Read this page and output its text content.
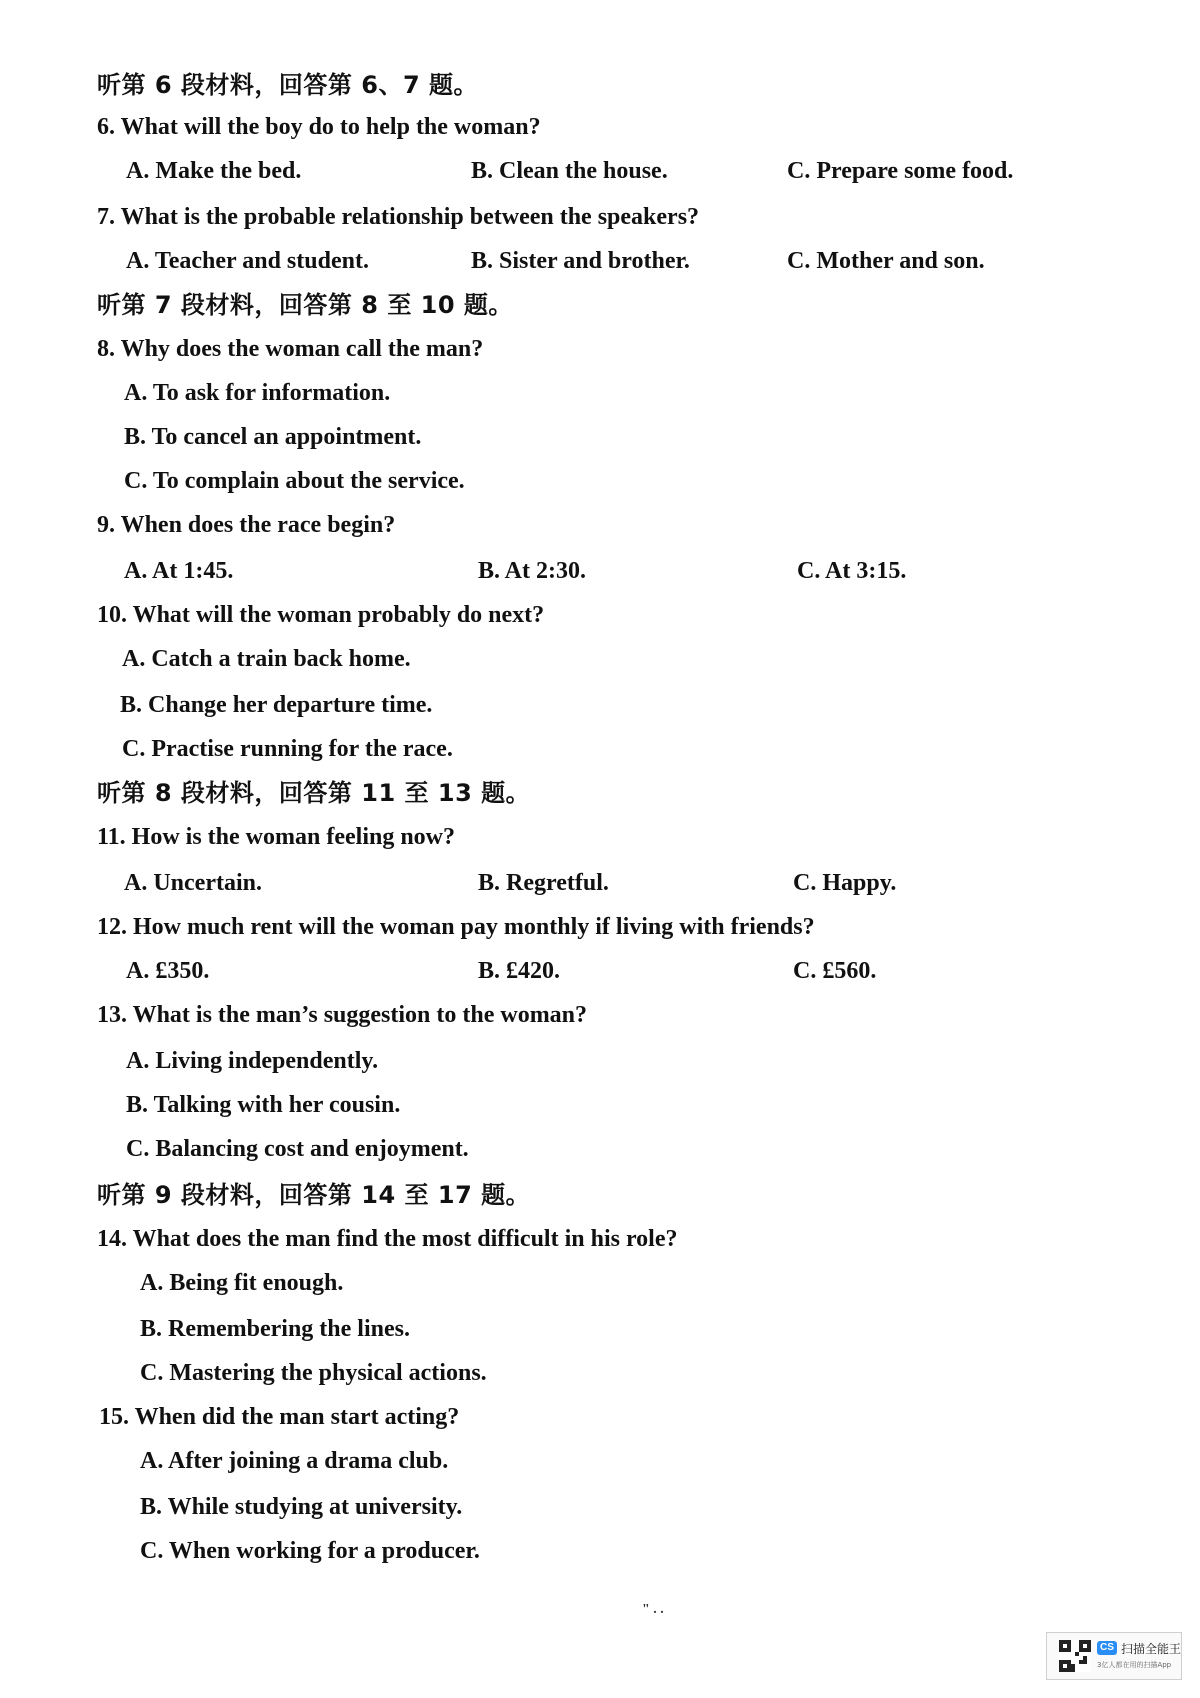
听第 6 段材料，回答第 6、7 题。
6. What will the boy do to help the woman?
A. Make the bed.	B. Clean the house.	C. Prepare some food.
7. What is the probable relationship between the speakers?
A. Teacher and student.	B. Sister and brother.	C. Mother and son.
听第 7 段材料，回答第 8 至 10 题。
8. Why does the woman call the man?
A. To ask for information.
B. To cancel an appointment.
C. To complain about the service.
9. When does the race begin?
A. At 1:45.	B. At 2:30.	C. At 3:15.
10. What will the woman probably do next?
A. Catch a train back home.
B. Change her departure time.
C. Practise running for the race.
听第 8 段材料，回答第 11 至 13 题。
11. How is the woman feeling now?
A. Uncertain.	B. Regretful.	C. Happy.
12. How much rent will the woman pay monthly if living with friends?
A. £350.	B. £420.	C. £560.
13. What is the man’s suggestion to the woman?
A. Living independently.
B. Talking with her cousin.
C. Balancing cost and enjoyment.
听第 9 段材料，回答第 14 至 17 题。
14. What does the man find the most difficult in his role?
A. Being fit enough.
B. Remembering the lines.
C. Mastering the physical actions.
15. When did the man start acting?
A. After joining a drama club.
B. While studying at university.
C. When working for a producer.
" . .
CS 扫描全能王
3亿人都在用的扫描App
